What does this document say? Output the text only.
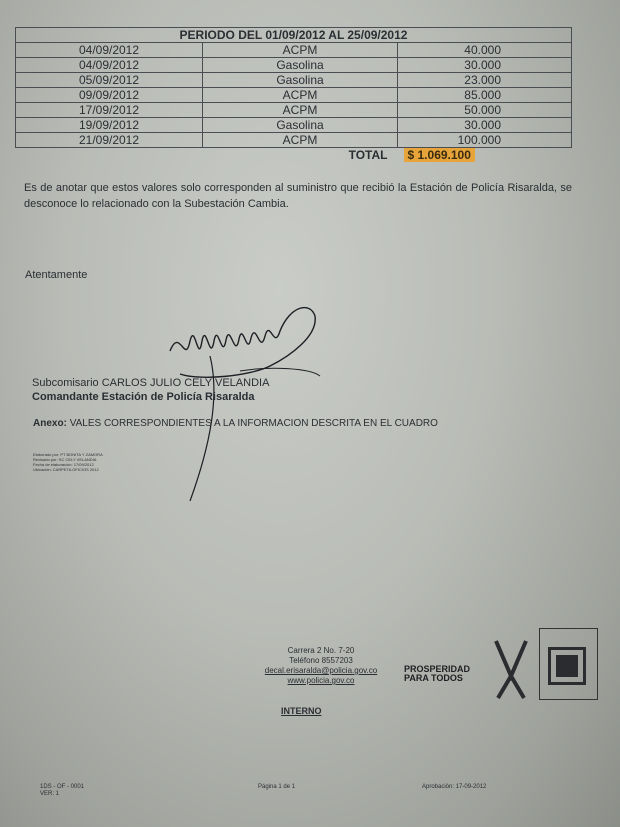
PERIODO DEL 01/09/2012 AL 25/09/2012		
04/09/2012	ACPM	40.000
04/09/2012	Gasolina	30.000
05/09/2012	Gasolina	23.000
09/09/2012	ACPM	85.000
17/09/2012	ACPM	50.000
19/09/2012	Gasolina	30.000
21/09/2012	ACPM	100.000
	TOTAL	$ 1.069.100
Es de anotar que estos valores solo corresponden al suministro que recibió la Estación de Policía Risaralda, se desconoce lo relacionado con la Subestación Cambia.
Atentamente
Subcomisario CARLOS JULIO CELY VELANDIA
Comandante Estación de Policía Risaralda
Anexo: VALES CORRESPONDIENTES A LA INFORMACION DESCRITA EN EL CUADRO
Elaborado por: PT BONITA Y ZAMORA
Revisado por: SC CELY VELANDIA
Fecha de elaboración: 17/09/2012
Ubicación: CARPETA OFICIOS 2012
Carrera 2 No. 7-20
Teléfono 8557203
decal.erisaralda@policia.gov.co
www.policia.gov.co
INTERNO
PROSPERIDAD
PARA TODOS
1DS - OF - 0001
VER: 1
Página 1 de 1	Aprobación: 17-09-2012
